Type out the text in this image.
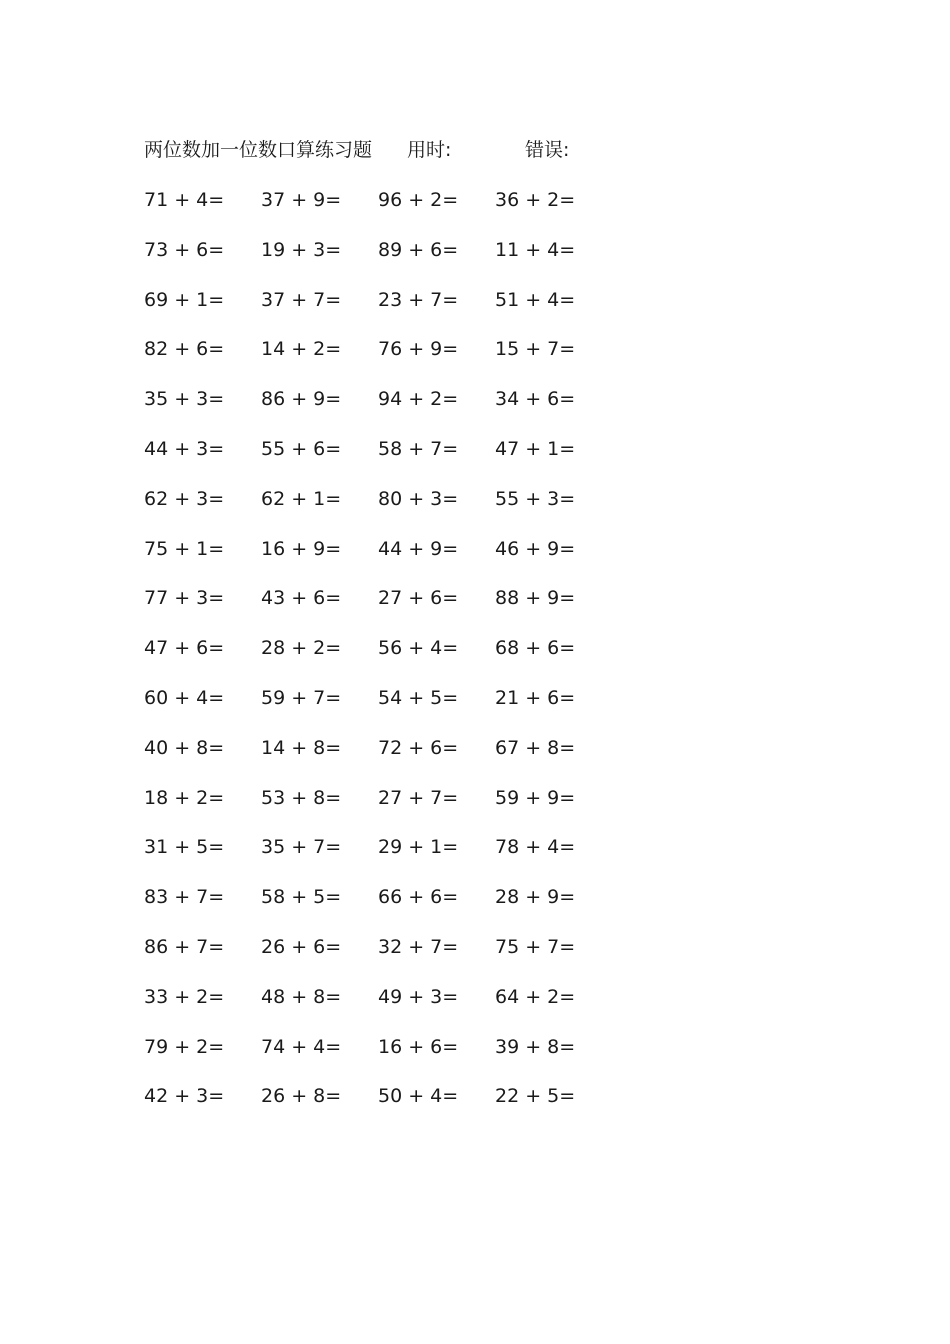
两位数加一位数口算练习题 用时:	错误:
71 + 4= 37 + 9= 96 + 2= 36 + 2=
73 + 6= 19 + 3= 89 + 6= 11 + 4=
69 + 1= 37 + 7= 23 + 7= 51 + 4=
82 + 6= 14 + 2= 76 + 9= 15 + 7=
35 + 3= 86 + 9= 94 + 2= 34 + 6=
44 + 3= 55 + 6= 58 + 7= 47 + 1=
62 + 3= 62 + 1= 80 + 3= 55 + 3=
75 + 1= 16 + 9= 44 + 9= 46 + 9=
77 + 3= 43 + 6= 27 + 6= 88 + 9=
47 + 6= 28 + 2= 56 + 4= 68 + 6=
60 + 4= 59 + 7= 54 + 5= 21 + 6=
40 + 8= 14 + 8= 72 + 6= 67 + 8=
18 + 2= 53 + 8= 27 + 7= 59 + 9=
31 + 5= 35 + 7= 29 + 1= 78 + 4=
83 + 7= 58 + 5= 66 + 6= 28 + 9=
86 + 7= 26 + 6= 32 + 7= 75 + 7=
33 + 2= 48 + 8= 49 + 3= 64 + 2=
79 + 2= 74 + 4= 16 + 6= 39 + 8=
42 + 3= 26 + 8= 50 + 4= 22 + 5=
